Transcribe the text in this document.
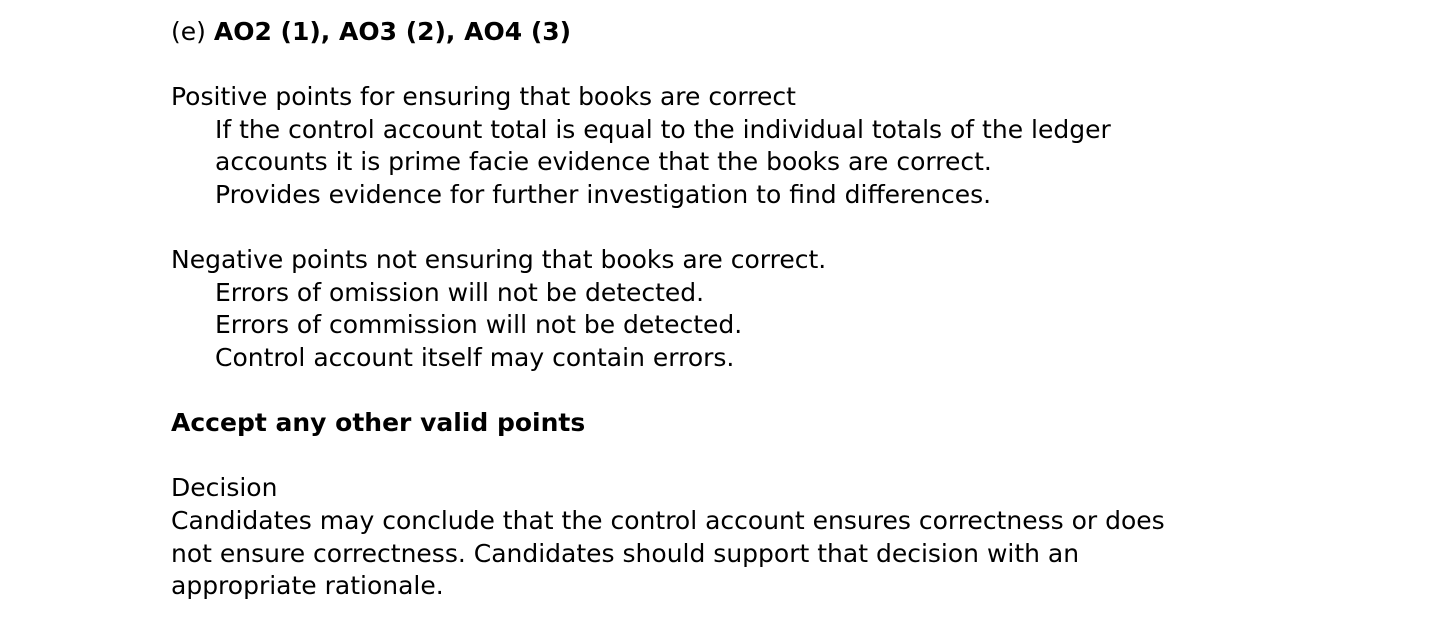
(e) AO2 (1), AO3 (2), AO4 (3)
Positive points for ensuring that books are correct
If the control account total is equal to the individual totals of the ledger
accounts it is prime facie evidence that the books are correct.
Provides evidence for further investigation to find differences.
Negative points not ensuring that books are correct.
Errors of omission will not be detected.
Errors of commission will not be detected.
Control account itself may contain errors.
Accept any other valid points
Decision
Candidates may conclude that the control account ensures correctness or does
not ensure correctness. Candidates should support that decision with an
appropriate rationale.
